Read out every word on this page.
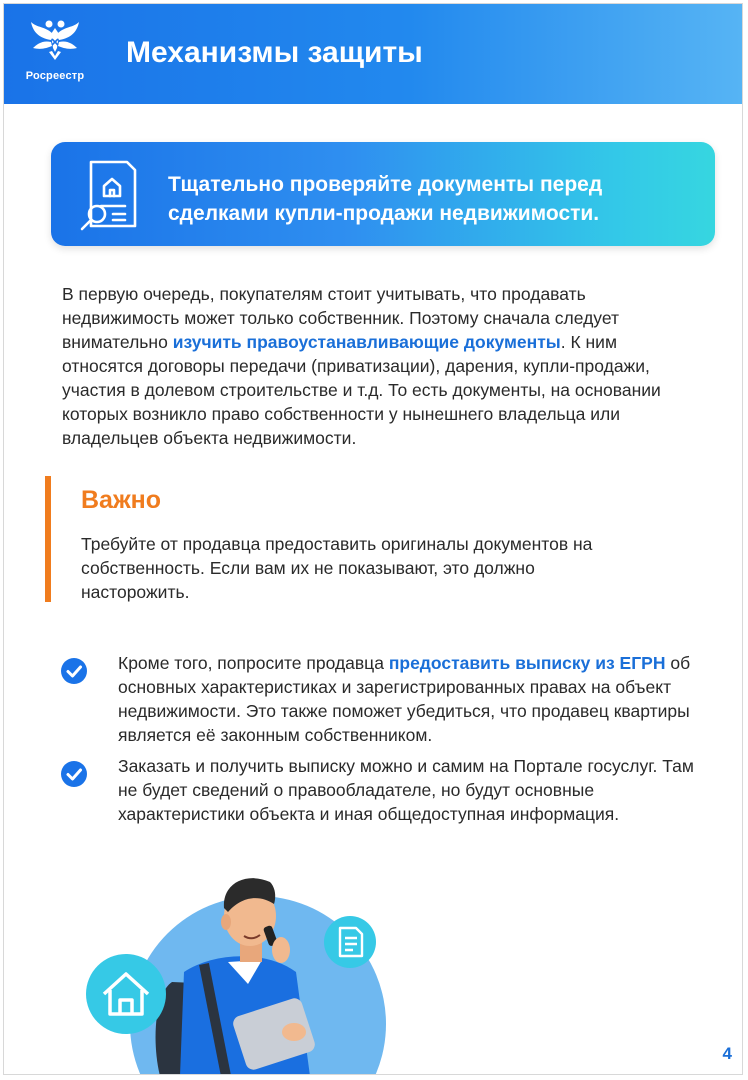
Росреестр
Механизмы защиты

Тщательно проверяйте документы перед сделками купли-продажи недвижимости.

В первую очередь, покупателям стоит учитывать, что продавать недвижимость может только собственник. Поэтому сначала следует внимательно изучить правоустанавливающие документы. К ним относятся договоры передачи (приватизации), дарения, купли-продажи, участия в долевом строительстве и т.д. То есть документы, на основании которых возникло право собственности у нынешнего владельца или владельцев объекта недвижимости.

Важно

Требуйте от продавца предоставить оригиналы документов на собственность. Если вам их не показывают, это должно насторожить.

Кроме того, попросите продавца предоставить выписку из ЕГРН об основных характеристиках и зарегистрированных правах на объект недвижимости. Это также поможет убедиться, что продавец квартиры является её законным собственником.

Заказать и получить выписку можно и самим на Портале госуслуг. Там не будет сведений о правообладателе, но будут основные характеристики объекта и иная общедоступная информация.

4
